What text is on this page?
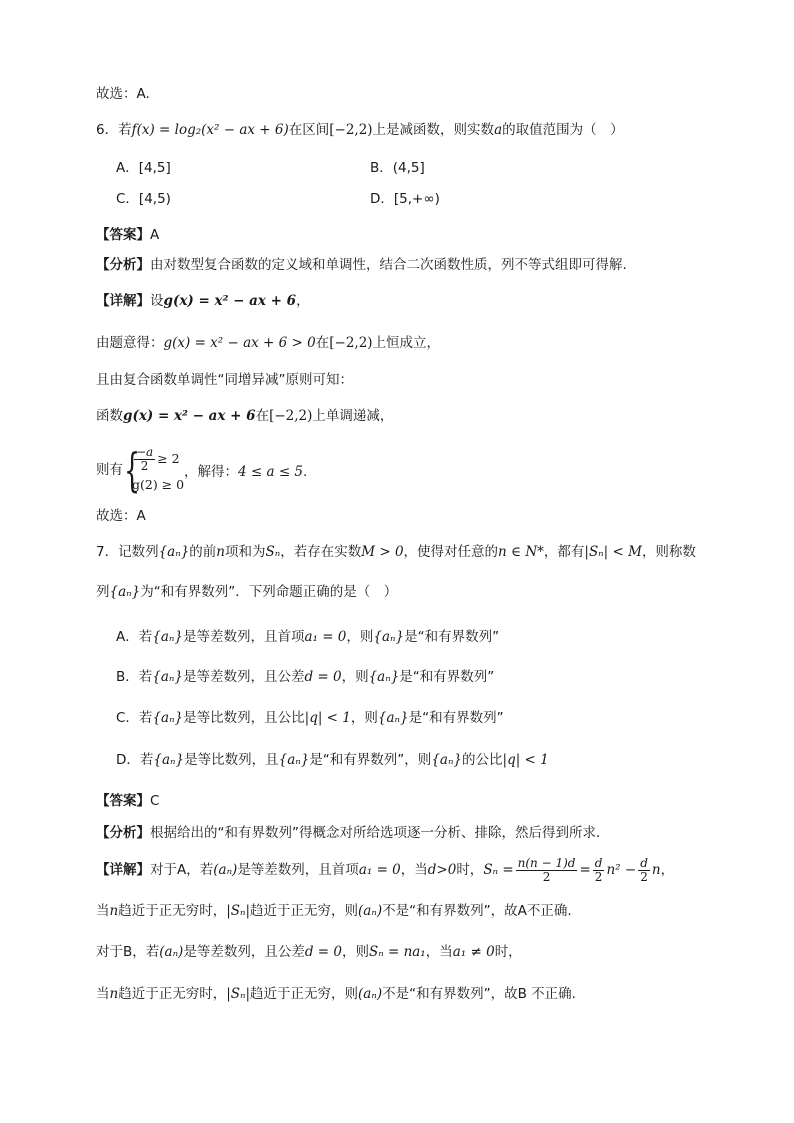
故选：A.
6．若f(x) = log₂(x² − ax + 6)在区间[−2,2)上是减函数，则实数a的取值范围为（　）
A．[4,5]	B．(4,5]
C．[4,5)	D．[5,+∞)
【答案】A
【分析】由对数型复合函数的定义域和单调性，结合二次函数性质，列不等式组即可得解.
【详解】设g(x) = x² − ax + 6，
由题意得：g(x) = x² − ax + 6 > 0在[−2,2)上恒成立，
且由复合函数单调性“同增异减”原则可知：
函数g(x) = x² − ax + 6在[−2,2)上单调递减，
则有 {
$\frac{-a}{2} \ge 2$
g(2) ≥ 0
，解得：4 ≤ a ≤ 5.
故选：A
7．记数列{aₙ}的前n项和为Sₙ，若存在实数M > 0，使得对任意的n ∈ N*，都有|Sₙ| < M，则称数
列{aₙ}为“和有界数列”．下列命题正确的是（　）
A．若{aₙ}是等差数列，且首项a₁ = 0，则{aₙ}是“和有界数列”
B．若{aₙ}是等差数列，且公差d = 0，则{aₙ}是“和有界数列”
C．若{aₙ}是等比数列，且公比|q| < 1，则{aₙ}是“和有界数列”
D．若{aₙ}是等比数列，且{aₙ}是“和有界数列”，则{aₙ}的公比|q| < 1
【答案】C
【分析】根据给出的“和有界数列”得概念对所给选项逐一分析、排除，然后得到所求．
【详解】对于A，若(aₙ)是等差数列，且首项a₁ = 0，当d>0时，$S_n = \frac{n(n - 1)d}{2} = \frac{d}{2} n^2 - \frac{d}{2}$ n，
当n趋近于正无穷时，|Sₙ|趋近于正无穷，则(aₙ)不是“和有界数列”，故A不正确.
对于B，若(aₙ)是等差数列，且公差d = 0，则Sₙ = na₁，当a₁ ≠ 0时，
当n趋近于正无穷时，|Sₙ|趋近于正无穷，则(aₙ)不是“和有界数列”，故B 不正确.
